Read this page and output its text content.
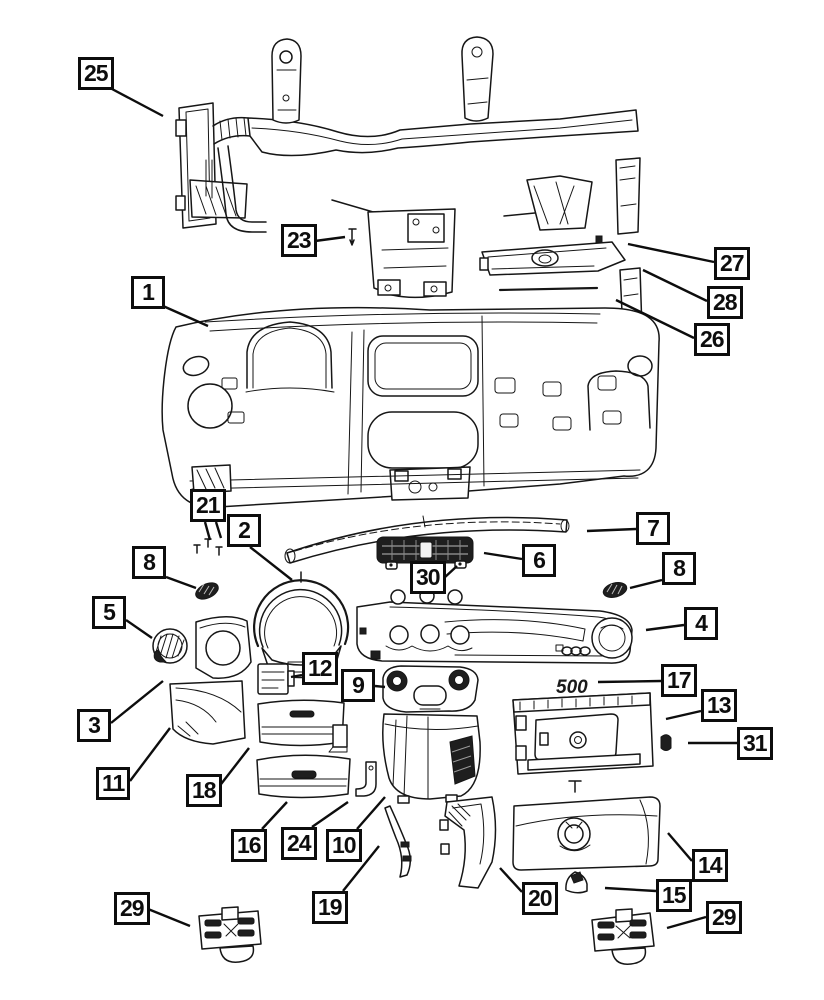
500
25
23
27
28
26
1
21
2	7
6	8
8
5
30
4
17
13
31
12
9
3
11	18
16 24 10
19	20
14
15
29
29
